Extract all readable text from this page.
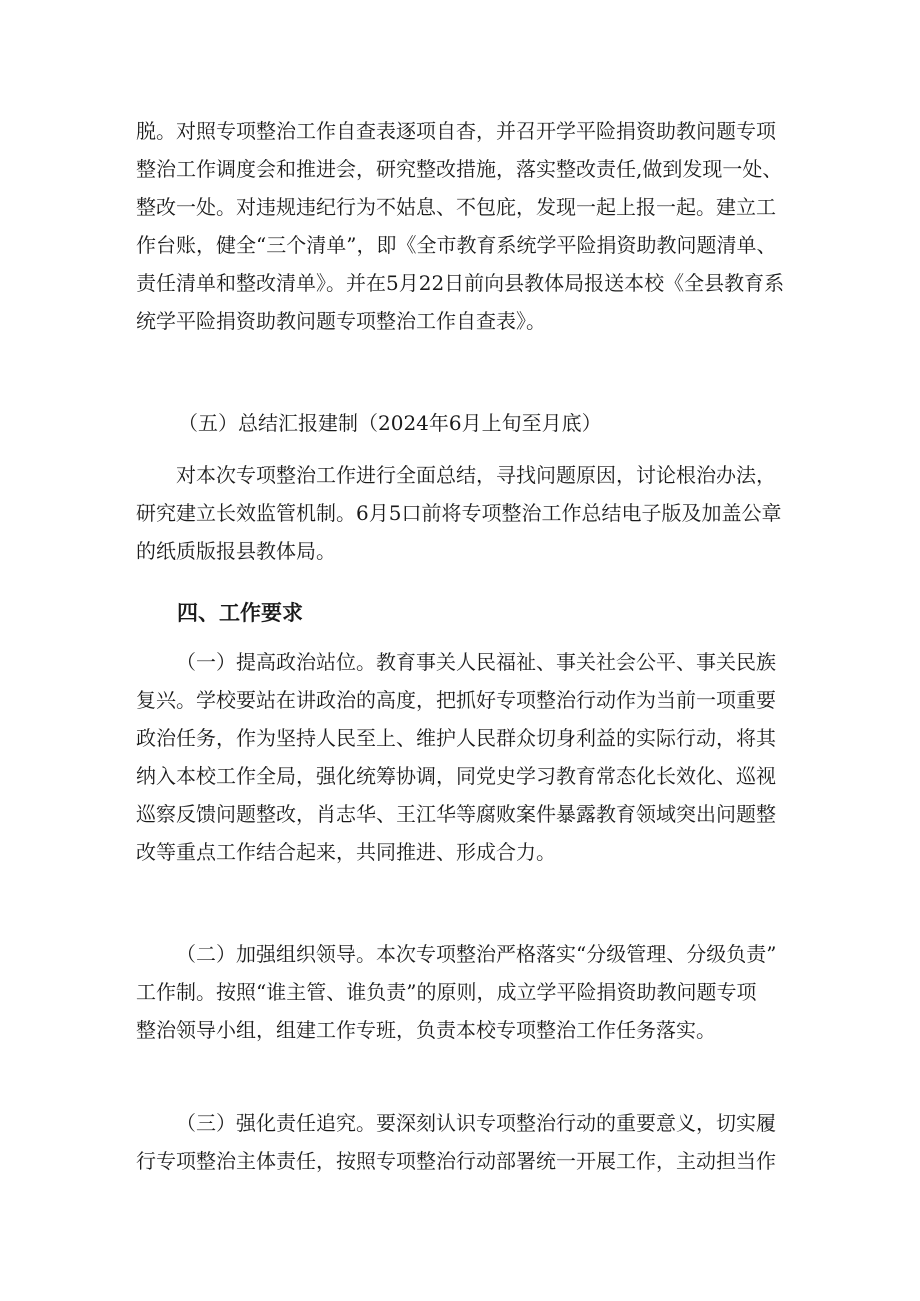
脱。对照专项整治工作自查表逐项自杳，并召开学平险捐资助教问题专项
整治工作调度会和推进会，研究整改措施，落实整改责任,做到发现一处、
整改一处。对违规违纪行为不姑息、不包庇，发现一起上报一起。建立工
作台账，健全“三个清单”，即《全市教育系统学平险捐资助教问题清单、
责任清单和整改清单》。并在5月22日前向县教体局报送本校《全县教育系
统学平险捐资助教问题专项整治工作自查表》。
（五）总结汇报建制（2024年6月上旬至月底）
对本次专项整治工作进行全面总结，寻找问题原因，讨论根治办法，
研究建立长效监管机制。6月5口前将专项整治工作总结电子版及加盖公章
的纸质版报县教体局。
四、工作要求
（一）提高政治站位。教育事关人民福祉、事关社会公平、事关民族
复兴。学校要站在讲政治的高度，把抓好专项整治行动作为当前一项重要
政治任务，作为坚持人民至上、维护人民群众切身利益的实际行动，将其
纳入本校工作全局，强化统筹协调，同党史学习教育常态化长效化、巡视
巡察反馈问题整改，肖志华、王江华等腐败案件暴露教育领域突出问题整
改等重点工作结合起来，共同推进、形成合力。
（二）加强组织领导。本次专项整治严格落实“分级管理、分级负责”
工作制。按照“谁主管、谁负责”的原则，成立学平险捐资助教问题专项
整治领导小组，组建工作专班，负责本校专项整治工作任务落实。
（三）强化责任追究。要深刻认识专项整治行动的重要意义，切实履
行专项整治主体责任，按照专项整治行动部署统一开展工作，主动担当作
